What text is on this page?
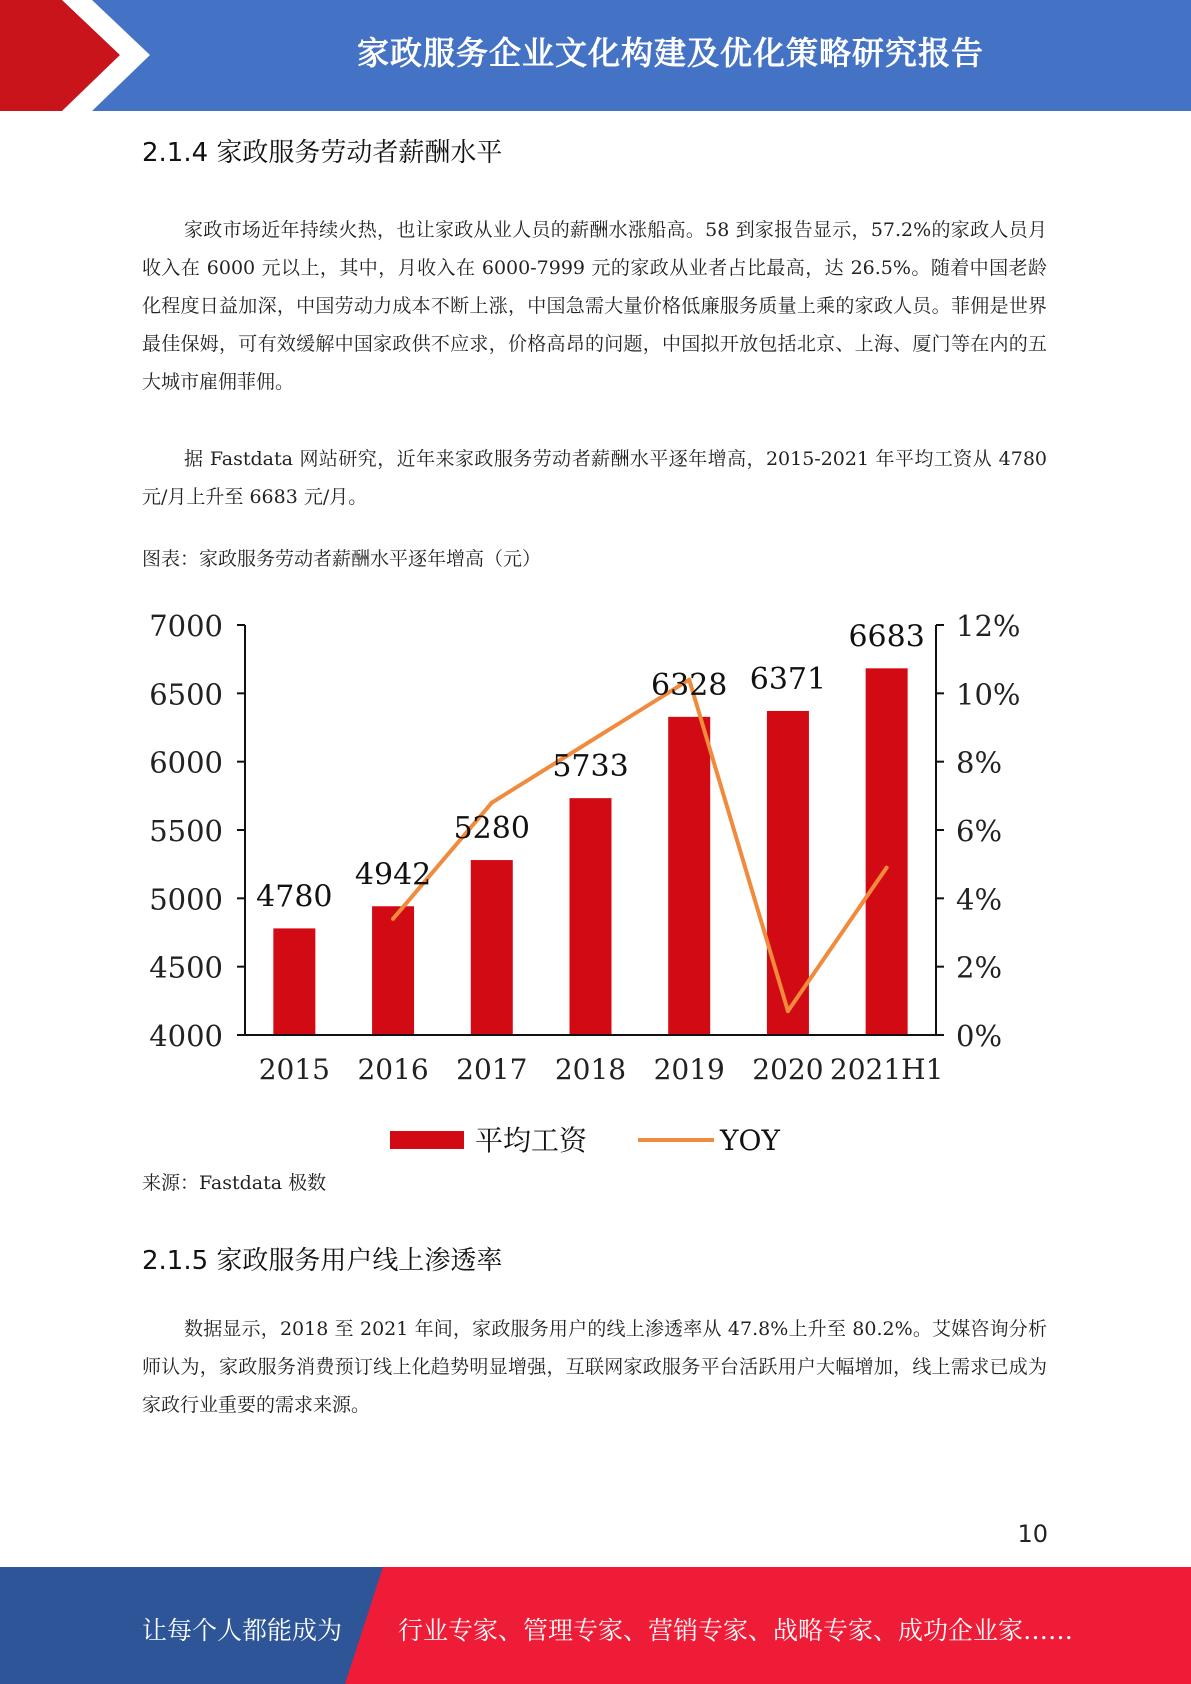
家政服务企业文化构建及优化策略研究报告
2.1.4 家政服务劳动者薪酬水平
家政市场近年持续火热，也让家政从业人员的薪酬水涨船高。58 到家报告显示，57.2%的家政人员月收入在 6000 元以上，其中，月收入在 6000-7999 元的家政从业者占比最高，达 26.5%。随着中国老龄化程度日益加深，中国劳动力成本不断上涨，中国急需大量价格低廉服务质量上乘的家政人员。菲佣是世界最佳保姆，可有效缓解中国家政供不应求，价格高昂的问题，中国拟开放包括北京、上海、厦门等在内的五大城市雇佣菲佣。
据 Fastdata 网站研究，近年来家政服务劳动者薪酬水平逐年增高，2015-2021 年平均工资从 4780 元/月上升至 6683 元/月。
图表：家政服务劳动者薪酬水平逐年增高（元）
4000
4500
5000
5500
6000
6500
7000
0%
2%
4%
6%
8%
10%
12%
4780
4942
5280
5733
6328 6371
6683
2015 2016 2017 2018 2019 2020 2021H1
平均工资	YOY
来源：Fastdata 极数
2.1.5 家政服务用户线上渗透率
数据显示，2018 至 2021 年间，家政服务用户的线上渗透率从 47.8%上升至 80.2%。艾媒咨询分析师认为，家政服务消费预订线上化趋势明显增强，互联网家政服务平台活跃用户大幅增加，线上需求已成为家政行业重要的需求来源。
10
让每个人都能成为 行业专家、管理专家、营销专家、战略专家、成功企业家……
